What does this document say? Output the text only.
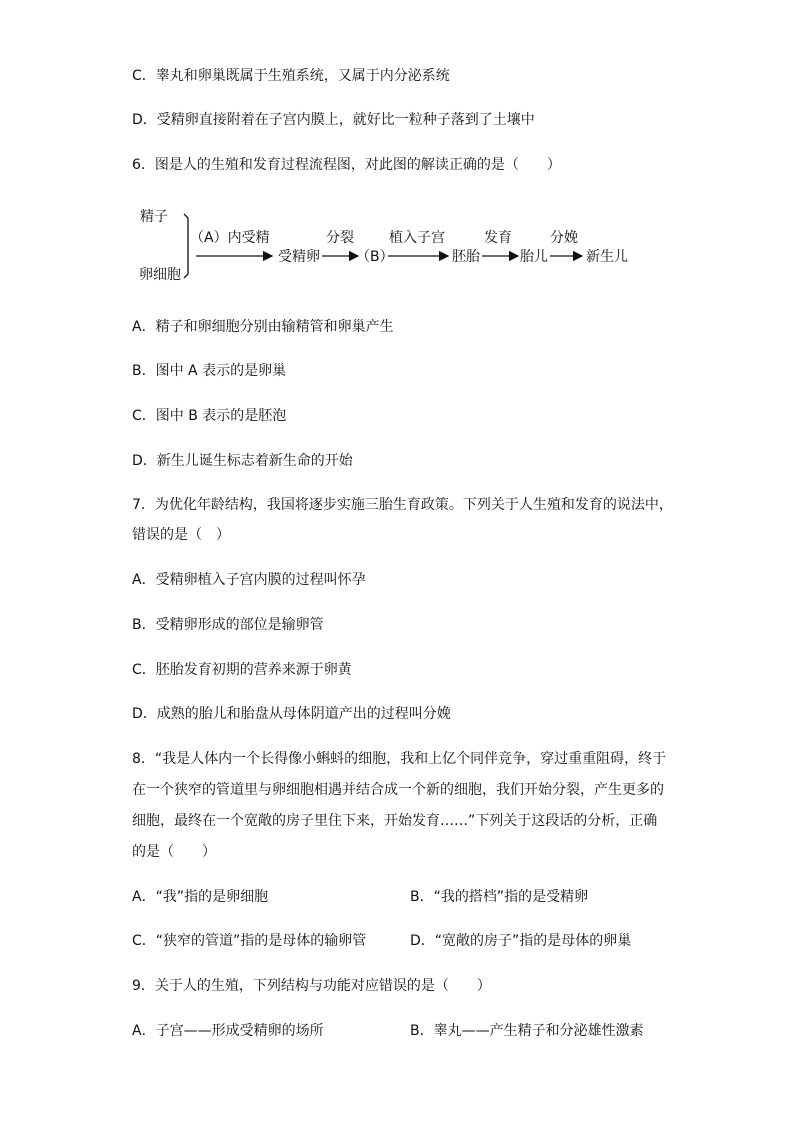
C．睾丸和卵巢既属于生殖系统，又属于内分泌系统
D．受精卵直接附着在子宫内膜上，就好比一粒种子落到了土壤中
6．图是人的生殖和发育过程流程图，对此图的解读正确的是（　　）
精子
卵细胞
（A）内受精
受精卵
分裂
（B）
植入子宫
胚胎
发育
胎儿
分娩
新生儿
A．精子和卵细胞分别由输精管和卵巢产生
B．图中 A 表示的是卵巢
C．图中 B 表示的是胚泡
D．新生儿诞生标志着新生命的开始
7．为优化年龄结构，我国将逐步实施三胎生育政策。下列关于人生殖和发育的说法中，
错误的是（　）
A．受精卵植入子宫内膜的过程叫怀孕
B．受精卵形成的部位是输卵管
C．胚胎发育初期的营养来源于卵黄
D．成熟的胎儿和胎盘从母体阴道产出的过程叫分娩
8．“我是人体内一个长得像小蝌蚪的细胞，我和上亿个同伴竞争，穿过重重阻碍，终于
在一个狭窄的管道里与卵细胞相遇并结合成一个新的细胞，我们开始分裂，产生更多的
细胞，最终在一个宽敞的房子里住下来，开始发育……”下列关于这段话的分析，正确
的是（　　）
A．“我”指的是卵细胞	B．“我的搭档”指的是受精卵
C．“狭窄的管道”指的是母体的输卵管	D．“宽敞的房子”指的是母体的卵巢
9．关于人的生殖，下列结构与功能对应错误的是（　　）
A．子宫——形成受精卵的场所	B．睾丸——产生精子和分泌雄性激素
